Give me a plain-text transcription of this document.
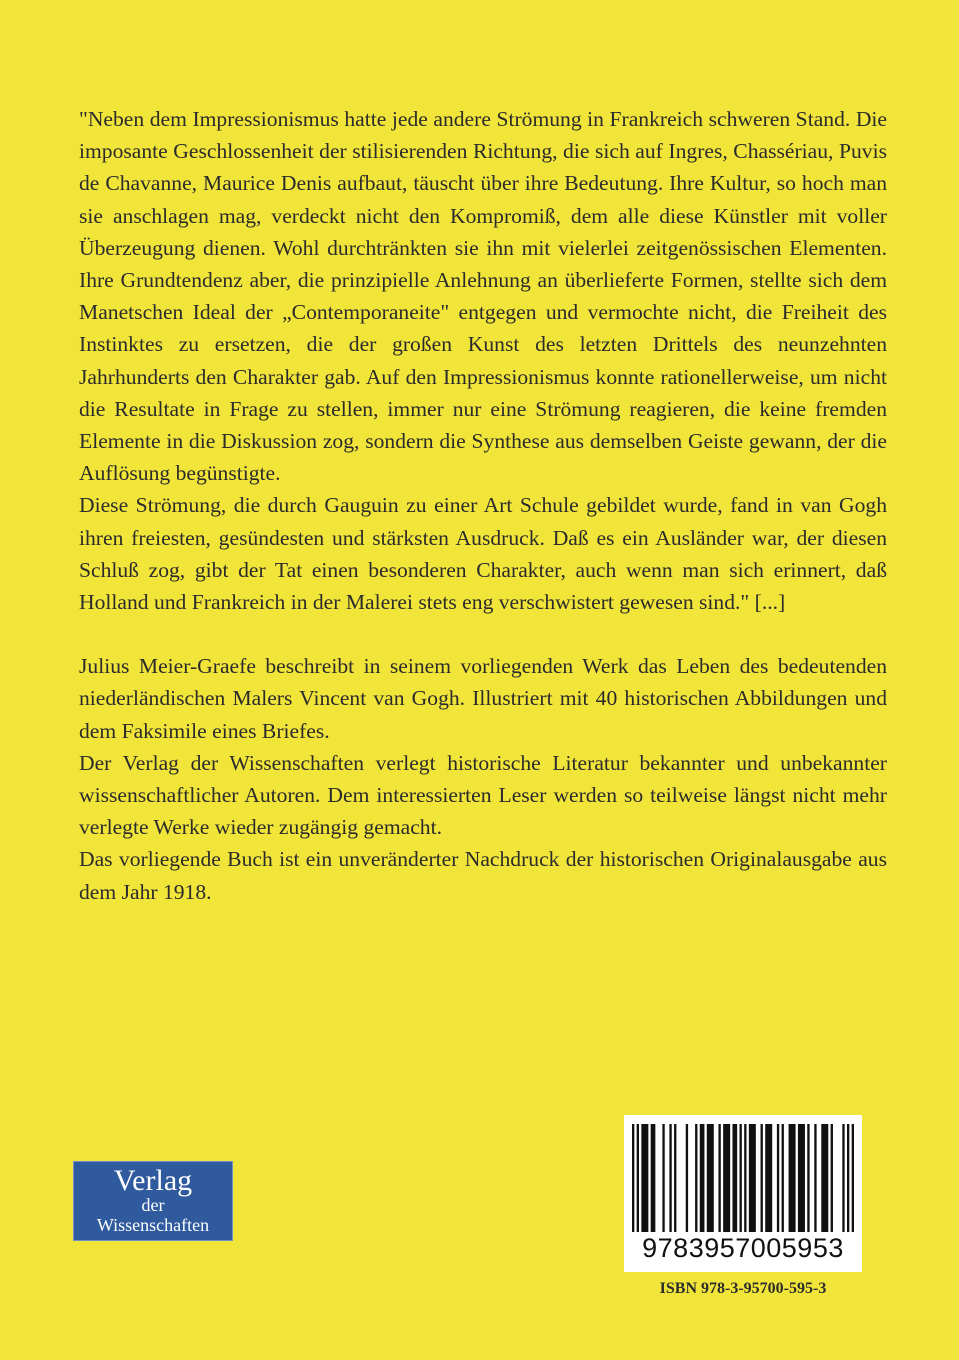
"Neben dem Impressionismus hatte jede andere Strömung in Frankreich schweren Stand. Die imposante Geschlossenheit der stilisierenden Richtung, die sich auf Ingres, Chassériau, Puvis de Chavanne, Maurice Denis aufbaut, täuscht über ihre Bedeutung. Ihre Kultur, so hoch man sie anschlagen mag, verdeckt nicht den Kompromiß, dem alle diese Künstler mit voller Überzeugung dienen. Wohl durchtränkten sie ihn mit vielerlei zeitgenössischen Elementen. Ihre Grundtendenz aber, die prinzipielle Anlehnung an überlieferte Formen, stellte sich dem Manetschen Ideal der „Contemporaneite" entgegen und vermochte nicht, die Freiheit des Instinktes zu ersetzen, die der großen Kunst des letzten Drittels des neunzehnten Jahrhunderts den Charakter gab. Auf den Impressionismus konnte rationellerweise, um nicht die Resultate in Frage zu stellen, immer nur eine Strömung reagieren, die keine fremden Elemente in die Diskussion zog, sondern die Synthese aus demselben Geiste gewann, der die Auflösung begünstigte.

Diese Strömung, die durch Gauguin zu einer Art Schule gebildet wurde, fand in van Gogh ihren freiesten, gesündesten und stärksten Ausdruck. Daß es ein Ausländer war, der diesen Schluß zog, gibt der Tat einen besonderen Charakter, auch wenn man sich erinnert, daß Holland und Frankreich in der Malerei stets eng verschwistert gewesen sind." [...]

Julius Meier-Graefe beschreibt in seinem vorliegenden Werk das Leben des bedeutenden niederländischen Malers Vincent van Gogh. Illustriert mit 40 historischen Abbildungen und dem Faksimile eines Briefes.

Der Verlag der Wissenschaften verlegt historische Literatur bekannter und unbekannter wissenschaftlicher Autoren. Dem interessierten Leser werden so teilweise längst nicht mehr verlegte Werke wieder zugängig gemacht.

Das vorliegende Buch ist ein unveränderter Nachdruck der historischen Originalausgabe aus dem Jahr 1918.

Verlag
der
Wissenschaften
9783957005953
ISBN 978-3-95700-595-3
